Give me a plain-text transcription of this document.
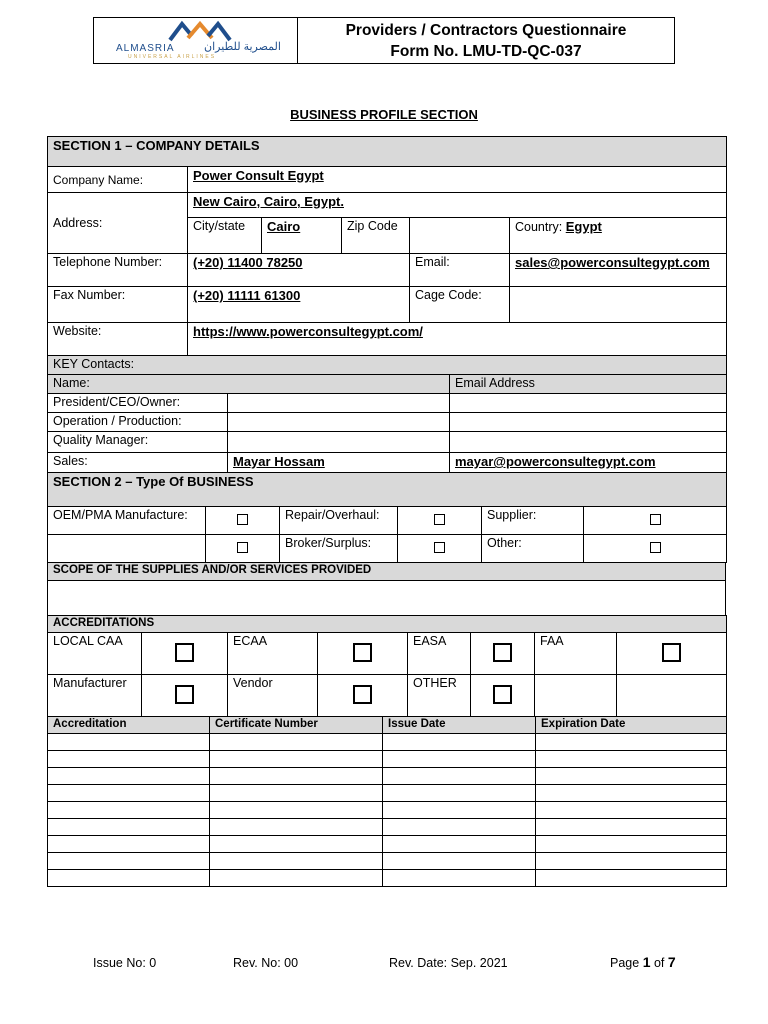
ALMASRIA	المصرية للطيران
UNIVERSAL AIRLINES

Providers / Contractors Questionnaire
Form No. LMU-TD-QC-037
BUSINESS PROFILE SECTION
SECTION 1 – COMPANY DETAILS					
Company Name:	Power Consult Egypt				
Address:	New Cairo, Cairo, Egypt.				
	City/state	Cairo	Zip Code		Country: Egypt
Telephone Number:	(+20) 11400 78250			Email:	sales@powerconsultegypt.com
Fax Number:	(+20) 11111 61300			Cage Code:	
Website:	https://www.powerconsultegypt.com/				
KEY Contacts:		
Name:		Email Address
President/CEO/Owner:		
Operation / Production:		
Quality Manager:		
Sales:	Mayar Hossam	mayar@powerconsultegypt.com
SECTION 2 – Type Of BUSINESS					
OEM/PMA Manufacture:		Repair/Overhaul:		Supplier:	
		Broker/Surplus:		Other:	
SCOPE OF THE SUPPLIES AND/OR SERVICES PROVIDED

ACCREDITATIONS							
LOCAL CAA		ECAA		EASA		FAA	
Manufacturer		Vendor		OTHER			
Accreditation	Certificate Number	Issue Date	Expiration Date

Issue No: 0	Rev. No: 00	Rev. Date: Sep. 2021	Page 1 of 7
